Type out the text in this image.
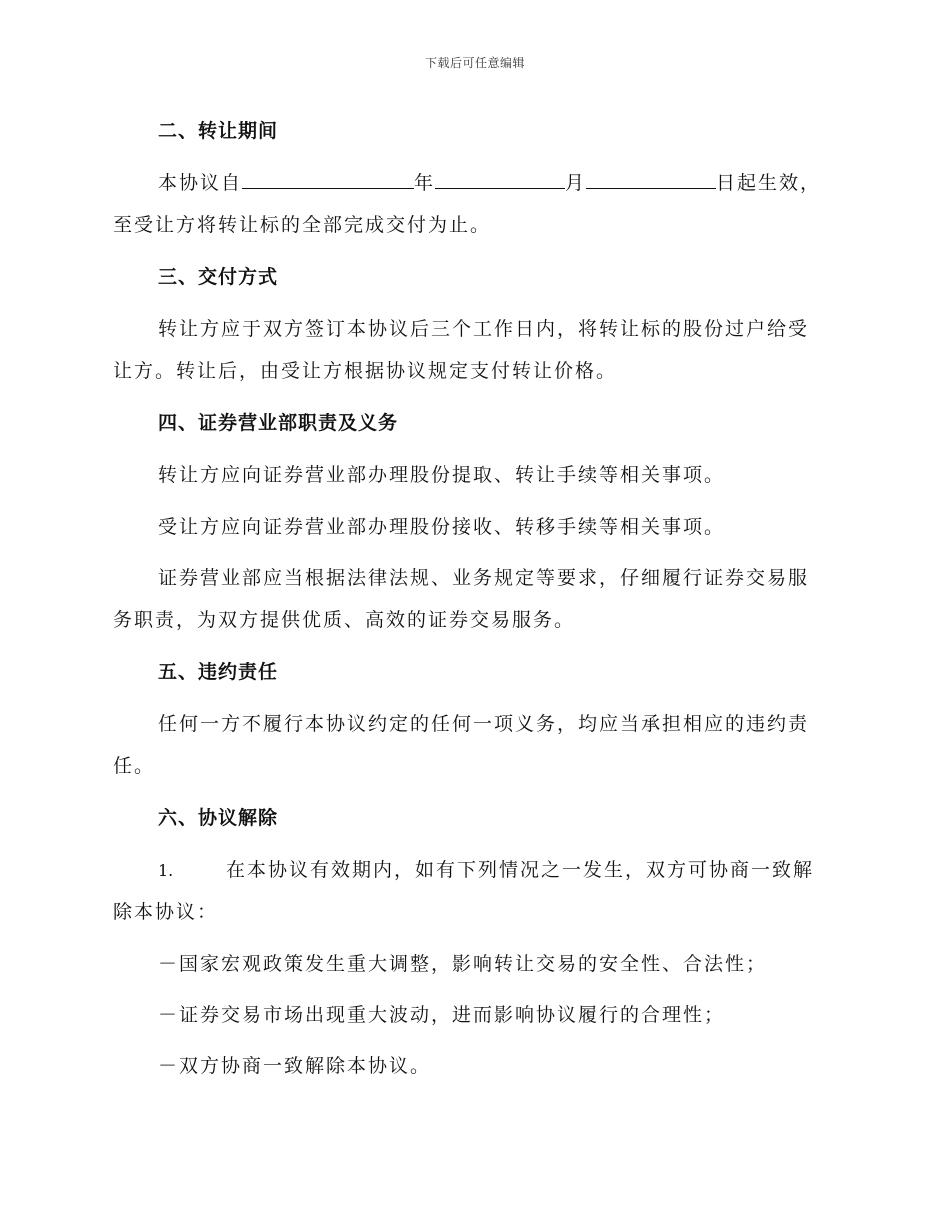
下载后可任意编辑
二、转让期间
本协议自	年	月	日起生效，
至受让方将转让标的全部完成交付为止。
三、交付方式
转让方应于双方签订本协议后三个工作日内，将转让标的股份过户给受
让方。转让后，由受让方根据协议规定支付转让价格。
四、证券营业部职责及义务
转让方应向证券营业部办理股份提取、转让手续等相关事项。
受让方应向证券营业部办理股份接收、转移手续等相关事项。
证券营业部应当根据法律法规、业务规定等要求，仔细履行证券交易服
务职责，为双方提供优质、高效的证券交易服务。
五、违约责任
任何一方不履行本协议约定的任何一项义务，均应当承担相应的违约责
任。
六、协议解除
1.	在本协议有效期内，如有下列情况之一发生，双方可协商一致解
除本协议：
－国家宏观政策发生重大调整，影响转让交易的安全性、合法性；
－证券交易市场出现重大波动，进而影响协议履行的合理性；
－双方协商一致解除本协议。
